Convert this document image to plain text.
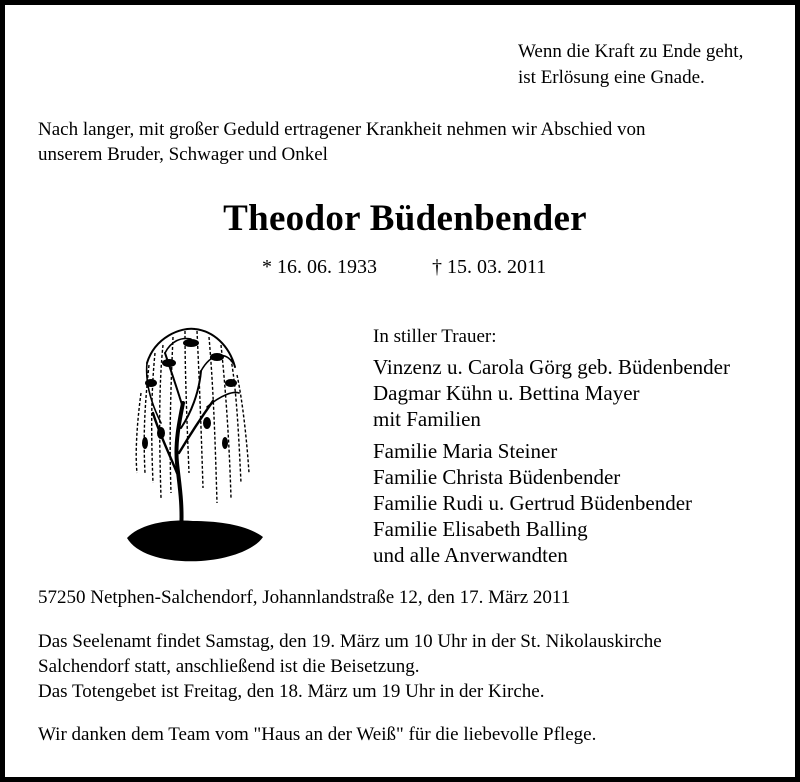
Wenn die Kraft zu Ende geht,
ist Erlösung eine Gnade.
Nach langer, mit großer Geduld ertragener Krankheit nehmen wir Abschied von
unserem Bruder, Schwager und Onkel
Theodor Büdenbender
* 16. 06. 1933	† 15. 03. 2011
In stiller Trauer:
Vinzenz u. Carola Görg geb. Büdenbender
Dagmar Kühn u. Bettina Mayer
mit Familien
Familie Maria Steiner
Familie Christa Büdenbender
Familie Rudi u. Gertrud Büdenbender
Familie Elisabeth Balling
und alle Anverwandten
57250 Netphen-Salchendorf, Johannlandstraße 12, den 17. März 2011
Das Seelenamt findet Samstag, den 19. März um 10 Uhr in der St. Nikolauskirche
Salchendorf statt, anschließend ist die Beisetzung.
Das Totengebet ist Freitag, den 18. März um 19 Uhr in der Kirche.
Wir danken dem Team vom "Haus an der Weiß" für die liebevolle Pflege.
